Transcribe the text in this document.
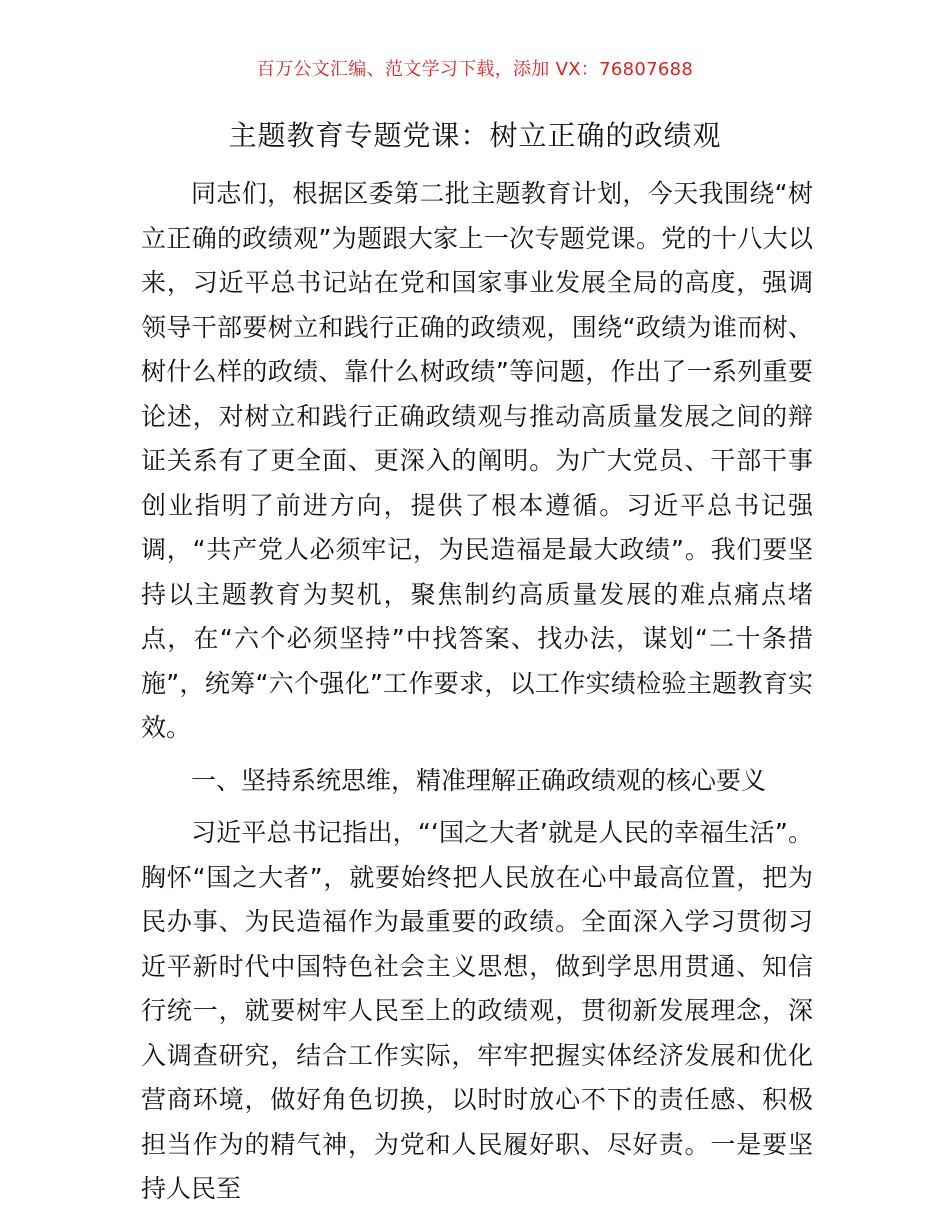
百万公文汇编、范文学习下载，添加 VX：76807688
主题教育专题党课：树立正确的政绩观

同志们，根据区委第二批主题教育计划，今天我围绕“树立正确的政绩观”为题跟大家上一次专题党课。党的十八大以来，习近平总书记站在党和国家事业发展全局的高度，强调领导干部要树立和践行正确的政绩观，围绕“政绩为谁而树、树什么样的政绩、靠什么树政绩”等问题，作出了一系列重要论述，对树立和践行正确政绩观与推动高质量发展之间的辩证关系有了更全面、更深入的阐明。为广大党员、干部干事创业指明了前进方向，提供了根本遵循。习近平总书记强调，“共产党人必须牢记，为民造福是最大政绩”。我们要坚持以主题教育为契机，聚焦制约高质量发展的难点痛点堵点，在“六个必须坚持”中找答案、找办法，谋划“二十条措施”，统筹“六个强化”工作要求，以工作实绩检验主题教育实效。

一、坚持系统思维，精准理解正确政绩观的核心要义

习近平总书记指出，“‘国之大者’就是人民的幸福生活”。胸怀“国之大者”，就要始终把人民放在心中最高位置，把为民办事、为民造福作为最重要的政绩。全面深入学习贯彻习近平新时代中国特色社会主义思想，做到学思用贯通、知信行统一，就要树牢人民至上的政绩观，贯彻新发展理念，深入调查研究，结合工作实际，牢牢把握实体经济发展和优化营商环境，做好角色切换，以时时放心不下的责任感、积极担当作为的精气神，为党和人民履好职、尽好责。一是要坚持人民至
